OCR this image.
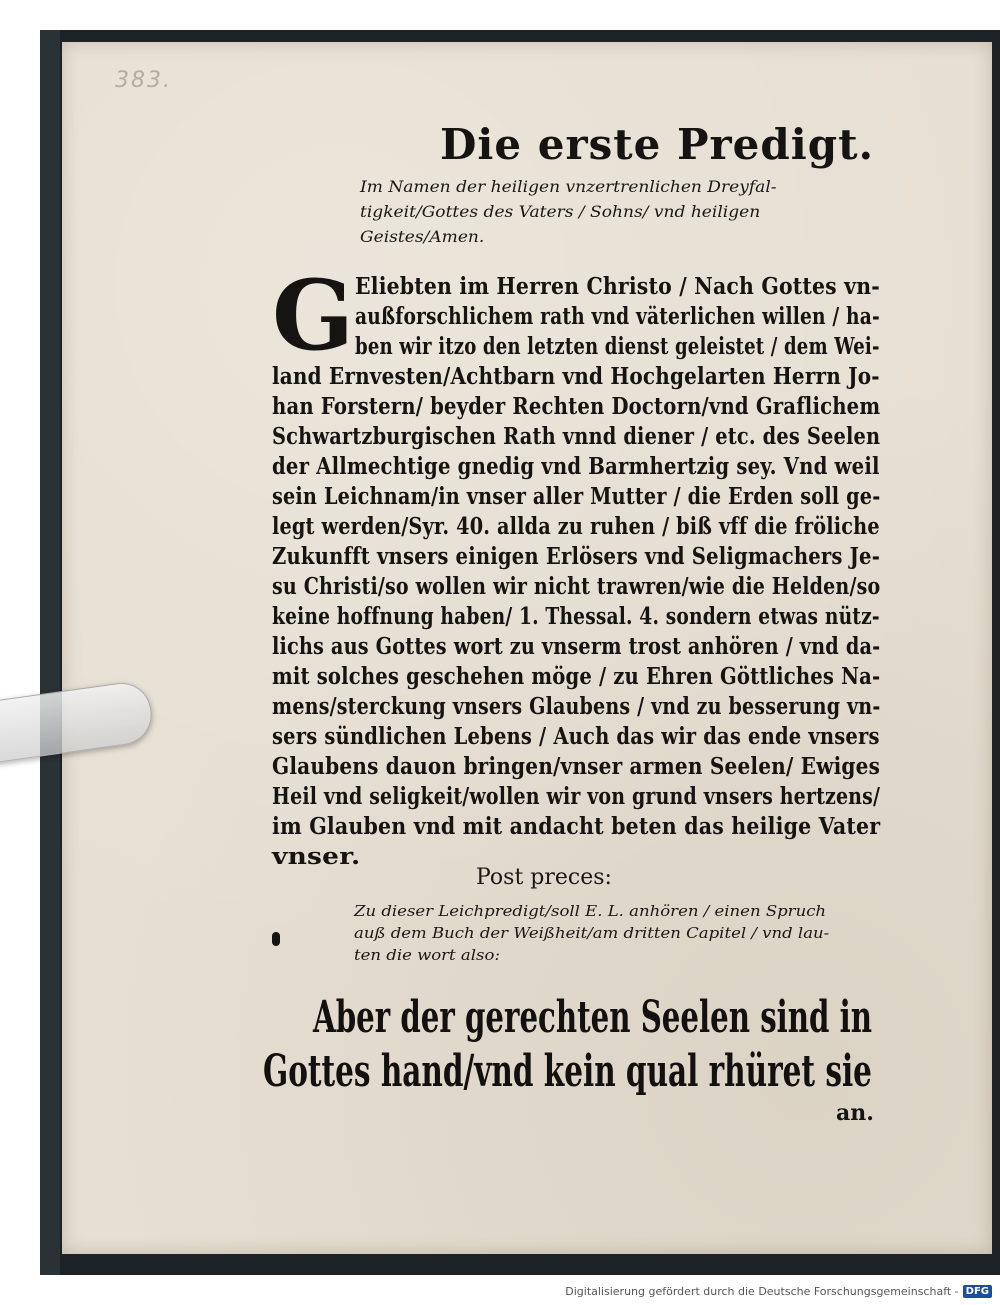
383.
Die erste Predigt.
Im Namen der heiligen vnzertrenlichen Dreyfal-
tigkeit/Gottes des Vaters / Sohns/ vnd heiligen
Geistes/Amen.
G Eliebten im Herren Christo / Nach Gottes vn-
außforschlichem rath vnd väterlichen willen / ha-
ben wir itzo den letzten dienst geleistet / dem Wei-
land Ernvesten/Achtbarn vnd Hochgelarten Herrn Jo-
han Forstern/ beyder Rechten Doctorn/vnd Graflichem
Schwartzburgischen Rath vnnd diener / etc. des Seelen
der Allmechtige gnedig vnd Barmhertzig sey. Vnd weil
sein Leichnam/in vnser aller Mutter / die Erden soll ge-
legt werden/Syr. 40. allda zu ruhen / biß vff die fröliche
Zukunfft vnsers einigen Erlösers vnd Seligmachers Je-
su Christi/so wollen wir nicht trawren/wie die Helden/so
keine hoffnung haben/ 1. Thessal. 4. sondern etwas nütz-
lichs aus Gottes wort zu vnserm trost anhören / vnd da-
mit solches geschehen möge / zu Ehren Göttliches Na-
mens/sterckung vnsers Glaubens / vnd zu besserung vn-
sers sündlichen Lebens / Auch das wir das ende vnsers
Glaubens dauon bringen/vnser armen Seelen/ Ewiges
Heil vnd seligkeit/wollen wir von grund vnsers hertzens/
im Glauben vnd mit andacht beten das heilige Vater
vnser.
Post preces:
Zu dieser Leichpredigt/soll E. L. anhören / einen Spruch
auß dem Buch der Weißheit/am dritten Capitel / vnd lau-
ten die wort also:
Aber der gerechten Seelen sind in
Gottes hand/vnd kein qual rhüret sie
an.
Digitalisierung gefördert durch die Deutsche Forschungsgemeinschaft - DFG
